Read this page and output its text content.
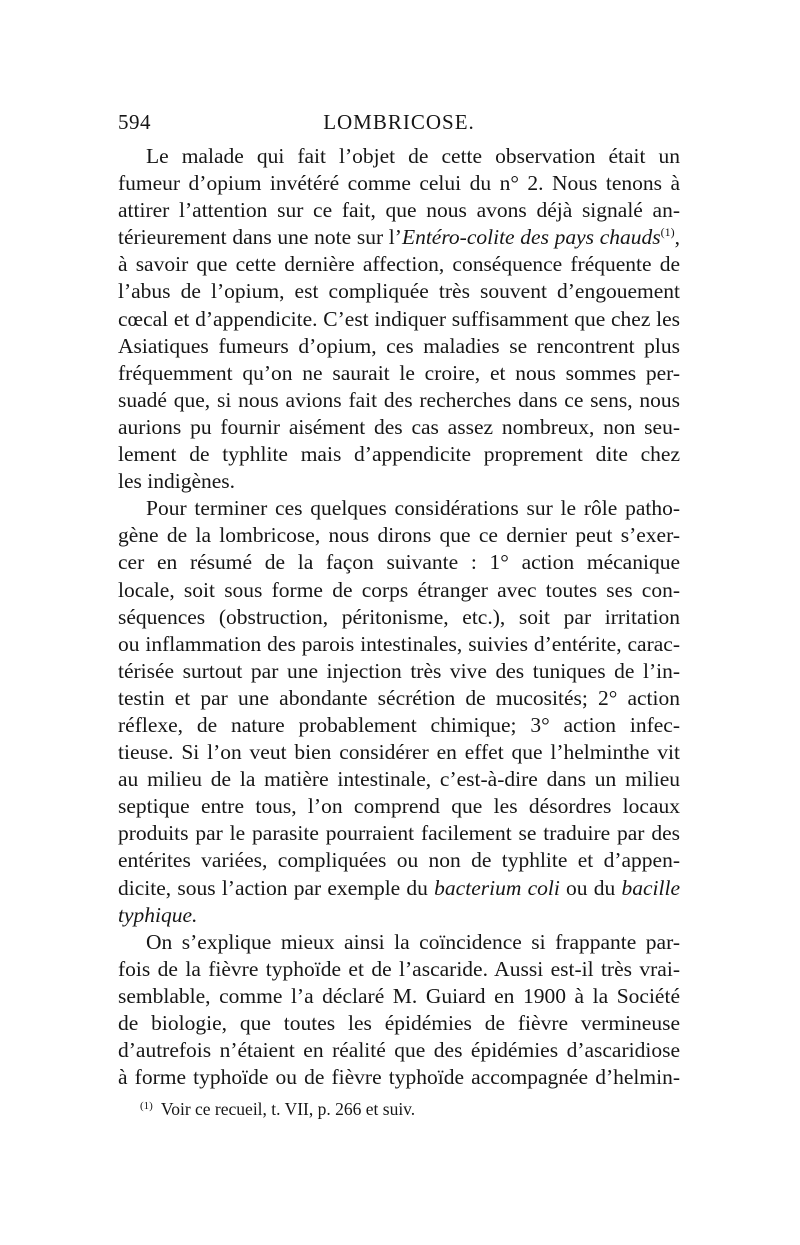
594	LOMBRICOSE.
Le malade qui fait l’objet de cette observation était un
fumeur d’opium invétéré comme celui du n° 2. Nous tenons à
attirer l’attention sur ce fait, que nous avons déjà signalé an-
térieurement dans une note sur l’Entéro-colite des pays chauds$^{(1)}$,
à savoir que cette dernière affection, conséquence fréquente de
l’abus de l’opium, est compliquée très souvent d’engouement
cœcal et d’appendicite. C’est indiquer suffisamment que chez les
Asiatiques fumeurs d’opium, ces maladies se rencontrent plus
fréquemment qu’on ne saurait le croire, et nous sommes per-
suadé que, si nous avions fait des recherches dans ce sens, nous
aurions pu fournir aisément des cas assez nombreux, non seu-
lement de typhlite mais d’appendicite proprement dite chez
les indigènes.
Pour terminer ces quelques considérations sur le rôle patho-
gène de la lombricose, nous dirons que ce dernier peut s’exer-
cer en résumé de la façon suivante : 1° action mécanique
locale, soit sous forme de corps étranger avec toutes ses con-
séquences (obstruction, péritonisme, etc.), soit par irritation
ou inflammation des parois intestinales, suivies d’entérite, carac-
térisée surtout par une injection très vive des tuniques de l’in-
testin et par une abondante sécrétion de mucosités; 2° action
réflexe, de nature probablement chimique; 3° action infec-
tieuse. Si l’on veut bien considérer en effet que l’helminthe vit
au milieu de la matière intestinale, c’est-à-dire dans un milieu
septique entre tous, l’on comprend que les désordres locaux
produits par le parasite pourraient facilement se traduire par des
entérites variées, compliquées ou non de typhlite et d’appen-
dicite, sous l’action par exemple du bacterium coli ou du bacille
typhique.
On s’explique mieux ainsi la coïncidence si frappante par-
fois de la fièvre typhoïde et de l’ascaride. Aussi est-il très vrai-
semblable, comme l’a déclaré M. Guiard en 1900 à la Société
de biologie, que toutes les épidémies de fièvre vermineuse
d’autrefois n’étaient en réalité que des épidémies d’ascaridiose
à forme typhoïde ou de fièvre typhoïde accompagnée d’helmin-
$^{(1)}$ Voir ce recueil, t. VII, p. 266 et suiv.
